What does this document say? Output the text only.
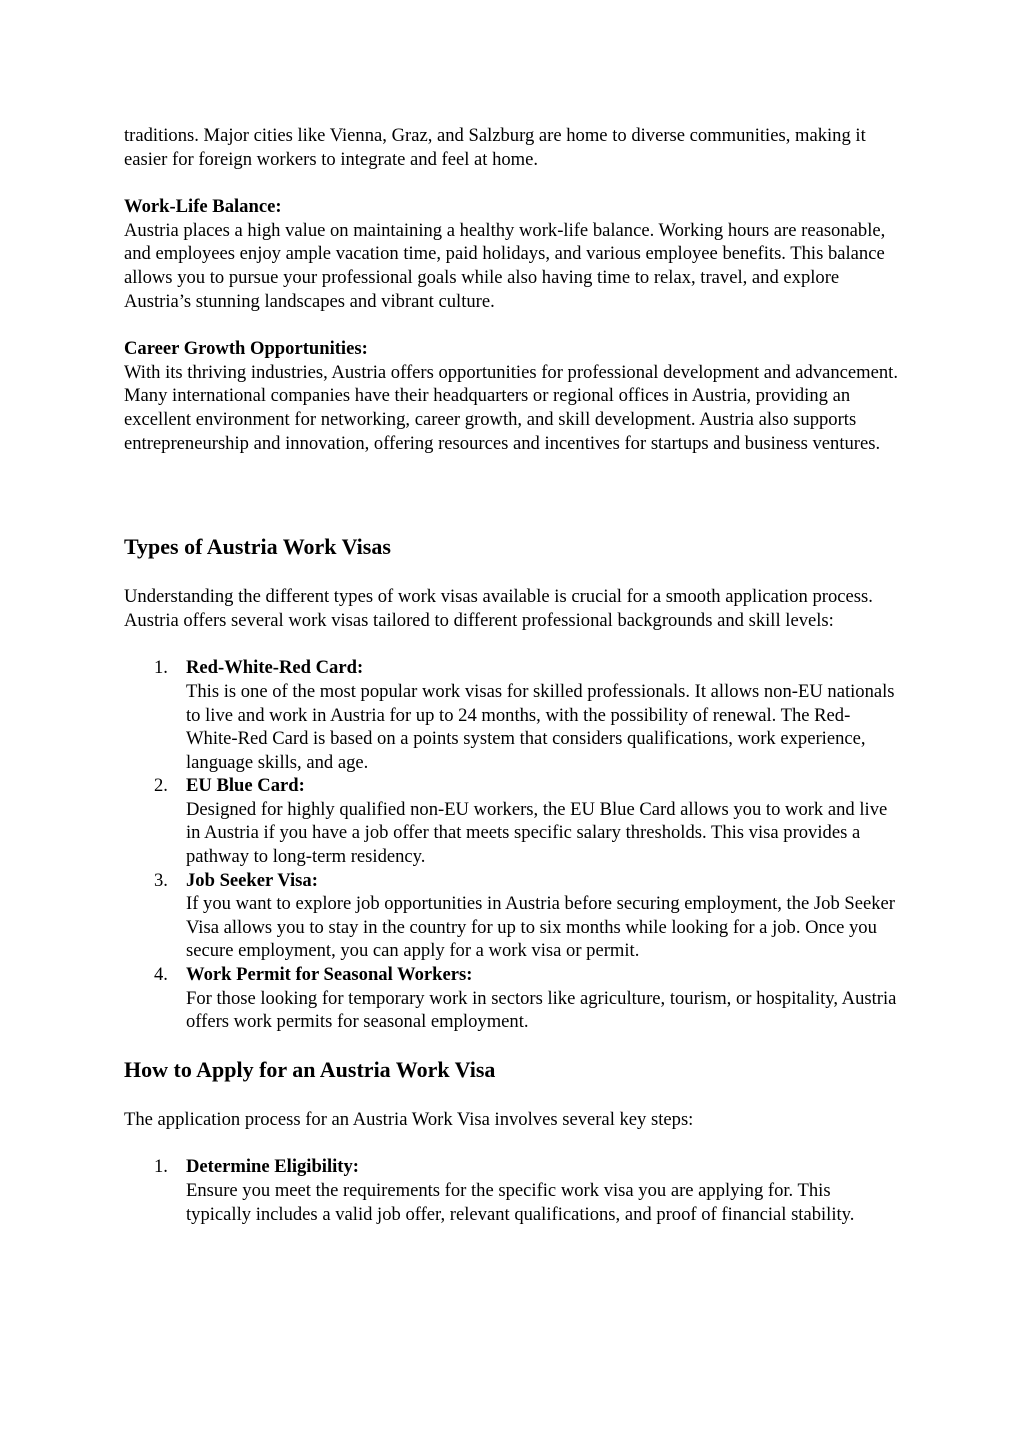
traditions. Major cities like Vienna, Graz, and Salzburg are home to diverse communities, making it easier for foreign workers to integrate and feel at home.

Work-Life Balance:
Austria places a high value on maintaining a healthy work-life balance. Working hours are reasonable, and employees enjoy ample vacation time, paid holidays, and various employee benefits. This balance allows you to pursue your professional goals while also having time to relax, travel, and explore Austria’s stunning landscapes and vibrant culture.
Career Growth Opportunities:
With its thriving industries, Austria offers opportunities for professional development and advancement. Many international companies have their headquarters or regional offices in Austria, providing an excellent environment for networking, career growth, and skill development. Austria also supports entrepreneurship and innovation, offering resources and incentives for startups and business ventures.
Types of Austria Work Visas

Understanding the different types of work visas available is crucial for a smooth application process. Austria offers several work visas tailored to different professional backgrounds and skill levels:

1. Red-White-Red Card:
This is one of the most popular work visas for skilled professionals. It allows non-EU nationals to live and work in Austria for up to 24 months, with the possibility of renewal. The Red-White-Red Card is based on a points system that considers qualifications, work experience, language skills, and age.
2. EU Blue Card:
Designed for highly qualified non-EU workers, the EU Blue Card allows you to work and live in Austria if you have a job offer that meets specific salary thresholds. This visa provides a pathway to long-term residency.
3. Job Seeker Visa:
If you want to explore job opportunities in Austria before securing employment, the Job Seeker Visa allows you to stay in the country for up to six months while looking for a job. Once you secure employment, you can apply for a work visa or permit.
4. Work Permit for Seasonal Workers:
For those looking for temporary work in sectors like agriculture, tourism, or hospitality, Austria offers work permits for seasonal employment.
How to Apply for an Austria Work Visa

The application process for an Austria Work Visa involves several key steps:

1. Determine Eligibility:
Ensure you meet the requirements for the specific work visa you are applying for. This typically includes a valid job offer, relevant qualifications, and proof of financial stability.
